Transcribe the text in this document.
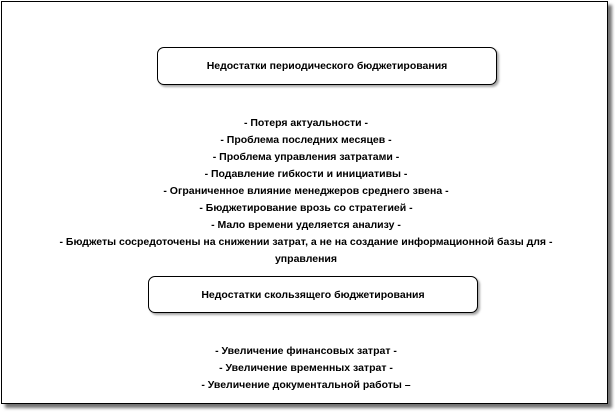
Недостатки периодического бюджетирования
- Потеря актуальности -
- Проблема последних месяцев -
- Проблема управления затратами -
- Подавление гибкости и инициативы -
- Ограниченное влияние менеджеров среднего звена -
- Бюджетирование врозь со стратегией -
- Мало времени уделяется анализу -
- Бюджеты сосредоточены на снижении затрат, а не на создание информационной базы для -
управления
Недостатки скользящего бюджетирования
- Увеличение финансовых затрат -
- Увеличение временных затрат -
- Увеличение документальной работы –
